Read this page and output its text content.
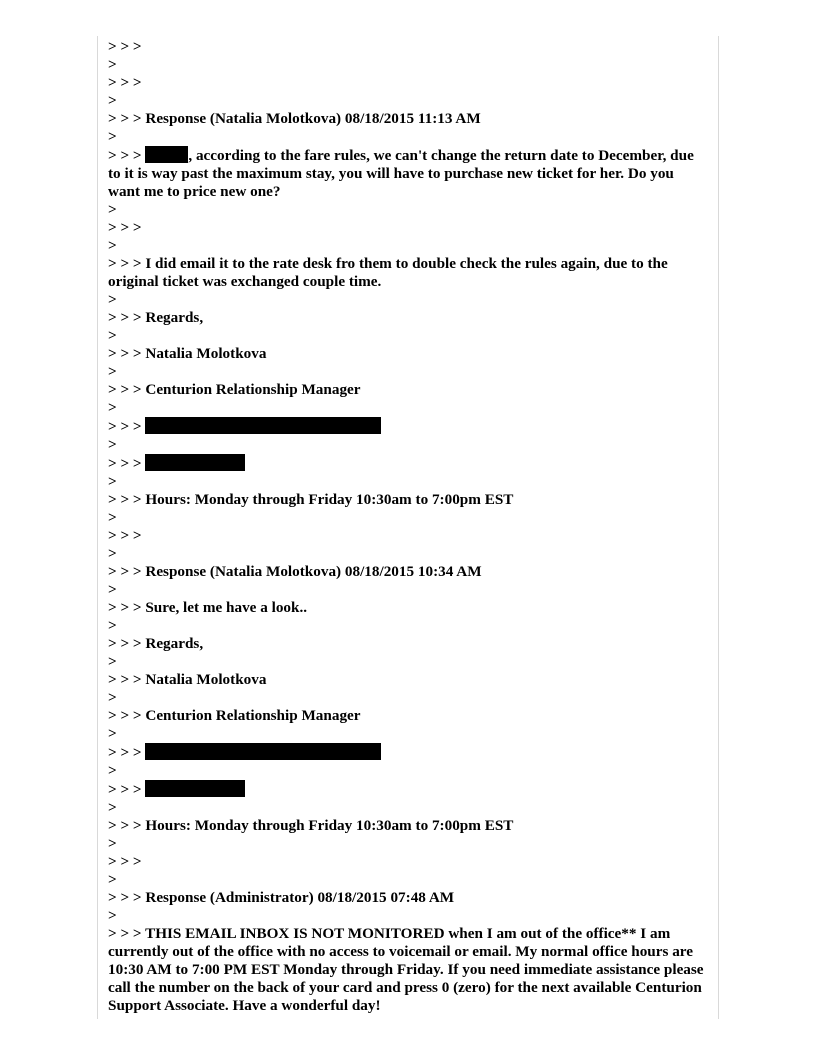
> > >
>
> > >
>
> > > Response (Natalia Molotkova) 08/18/2015 11:13 AM
>
> > >	, according to the fare rules, we can't change the return date to December, due to it is way past the maximum stay, you will have to purchase new ticket for her. Do you want me to price new one?
>
> > >
>
> > > I did email it to the rate desk fro them to double check the rules again, due to the original ticket was exchanged couple time.
>
> > > Regards,
>
> > > Natalia Molotkova
>
> > > Centurion Relationship Manager
>
> > >
>
> > >
>
> > > Hours: Monday through Friday 10:30am to 7:00pm EST
>
> > >
>
> > > Response (Natalia Molotkova) 08/18/2015 10:34 AM
>
> > > Sure, let me have a look..
>
> > > Regards,
>
> > > Natalia Molotkova
>
> > > Centurion Relationship Manager
>
> > >
>
> > >
>
> > > Hours: Monday through Friday 10:30am to 7:00pm EST
>
> > >
>
> > > Response (Administrator) 08/18/2015 07:48 AM
>
> > > THIS EMAIL INBOX IS NOT MONITORED when I am out of the office** I am currently out of the office with no access to voicemail or email. My normal office hours are 10:30 AM to 7:00 PM EST Monday through Friday. If you need immediate assistance please call the number on the back of your card and press 0 (zero) for the next available Centurion Support Associate. Have a wonderful day!
